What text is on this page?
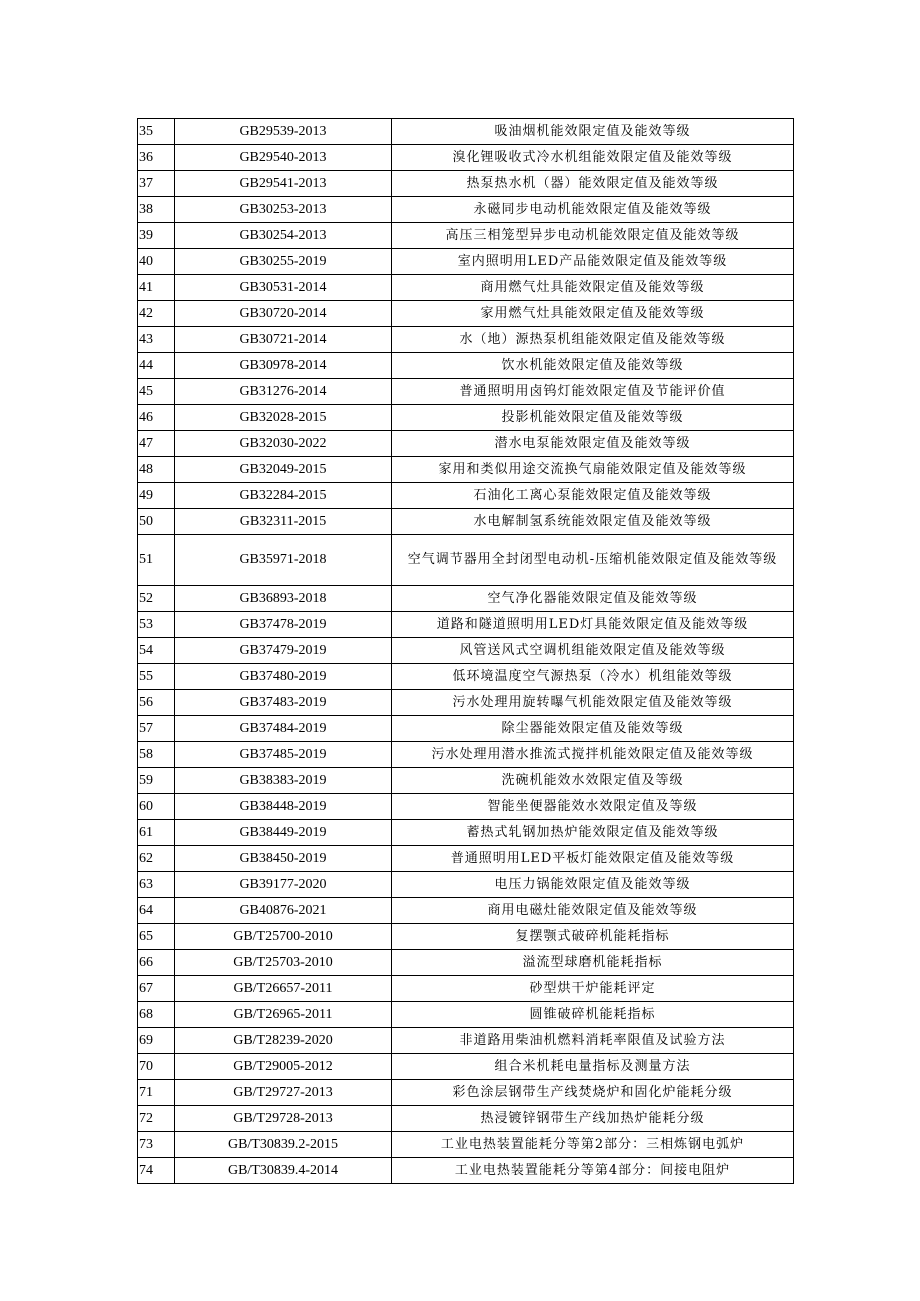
35	GB29539-2013	吸油烟机能效限定值及能效等级
36	GB29540-2013	溴化锂吸收式冷水机组能效限定值及能效等级
37	GB29541-2013	热泵热水机（器）能效限定值及能效等级
38	GB30253-2013	永磁同步电动机能效限定值及能效等级
39	GB30254-2013	高压三相笼型异步电动机能效限定值及能效等级
40	GB30255-2019	室内照明用LED产品能效限定值及能效等级
41	GB30531-2014	商用燃气灶具能效限定值及能效等级
42	GB30720-2014	家用燃气灶具能效限定值及能效等级
43	GB30721-2014	水（地）源热泵机组能效限定值及能效等级
44	GB30978-2014	饮水机能效限定值及能效等级
45	GB31276-2014	普通照明用卤钨灯能效限定值及节能评价值
46	GB32028-2015	投影机能效限定值及能效等级
47	GB32030-2022	潜水电泵能效限定值及能效等级
48	GB32049-2015	家用和类似用途交流换气扇能效限定值及能效等级
49	GB32284-2015	石油化工离心泵能效限定值及能效等级
50	GB32311-2015	水电解制氢系统能效限定值及能效等级
51	GB35971-2018	空气调节器用全封闭型电动机-压缩机能效限定值及能效等级
52	GB36893-2018	空气净化器能效限定值及能效等级
53	GB37478-2019	道路和隧道照明用LED灯具能效限定值及能效等级
54	GB37479-2019	风管送风式空调机组能效限定值及能效等级
55	GB37480-2019	低环境温度空气源热泵（冷水）机组能效等级
56	GB37483-2019	污水处理用旋转曝气机能效限定值及能效等级
57	GB37484-2019	除尘器能效限定值及能效等级
58	GB37485-2019	污水处理用潜水推流式搅拌机能效限定值及能效等级
59	GB38383-2019	洗碗机能效水效限定值及等级
60	GB38448-2019	智能坐便器能效水效限定值及等级
61	GB38449-2019	蓄热式轧钢加热炉能效限定值及能效等级
62	GB38450-2019	普通照明用LED平板灯能效限定值及能效等级
63	GB39177-2020	电压力锅能效限定值及能效等级
64	GB40876-2021	商用电磁灶能效限定值及能效等级
65	GB/T25700-2010	复摆颚式破碎机能耗指标
66	GB/T25703-2010	溢流型球磨机能耗指标
67	GB/T26657-2011	砂型烘干炉能耗评定
68	GB/T26965-2011	圆锥破碎机能耗指标
69	GB/T28239-2020	非道路用柴油机燃料消耗率限值及试验方法
70	GB/T29005-2012	组合米机耗电量指标及测量方法
71	GB/T29727-2013	彩色涂层钢带生产线焚烧炉和固化炉能耗分级
72	GB/T29728-2013	热浸镀锌钢带生产线加热炉能耗分级
73	GB/T30839.2-2015	工业电热装置能耗分等第2部分：三相炼钢电弧炉
74	GB/T30839.4-2014	工业电热装置能耗分等第4部分：间接电阻炉
